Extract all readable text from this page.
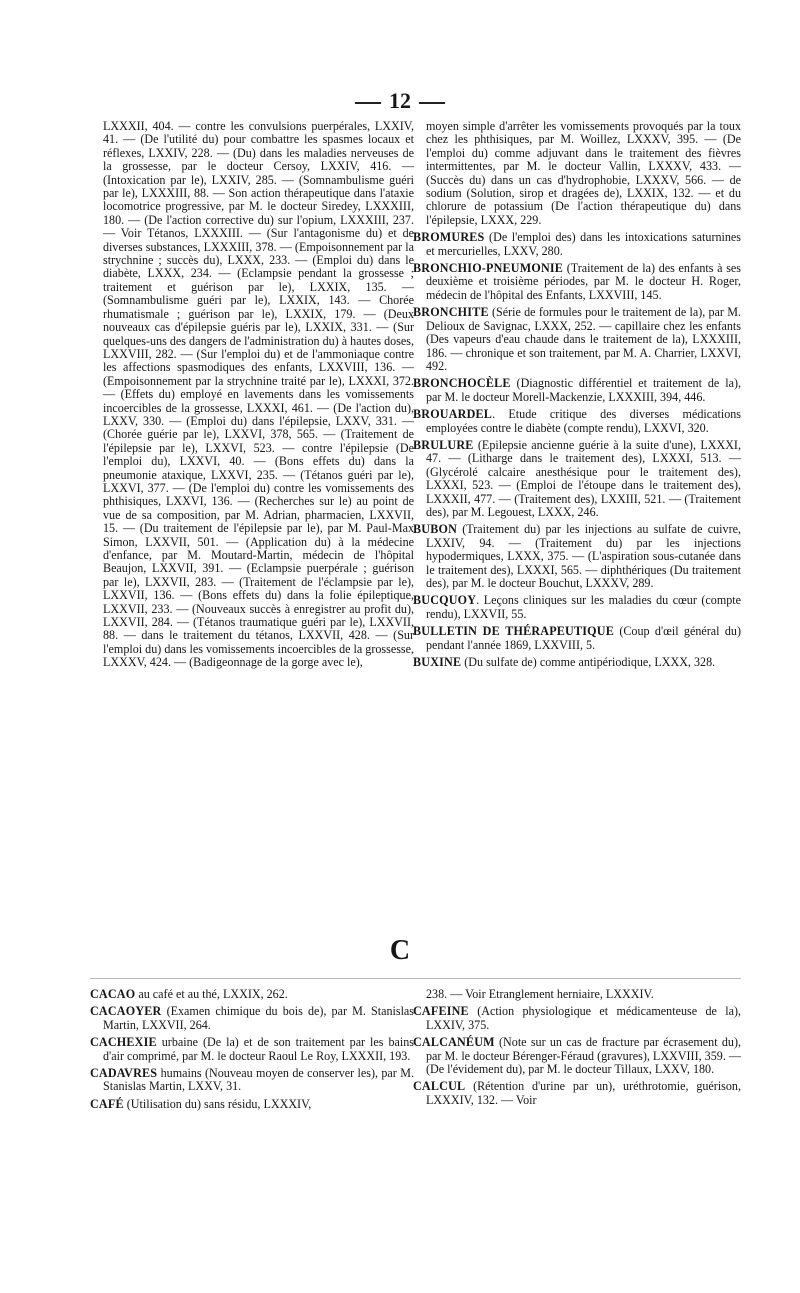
12

LXXXII, 404. — contre les convulsions puerpérales, LXXIV, 41. — (De l'utilité du) pour combattre les spasmes locaux et réflexes, LXXIV, 228. — (Du) dans les maladies nerveuses de la grossesse, par le docteur Cersoy, LXXIV, 416. — (Intoxication par le), LXXIV, 285. — (Somnambulisme guéri par le), LXXXIII, 88. — Son action thérapeutique dans l'ataxie locomotrice progressive, par M. le docteur Siredey, LXXXIII, 180. — (De l'action corrective du) sur l'opium, LXXXIII, 237. — Voir Tétanos, LXXXIII. — (Sur l'antagonisme du) et de diverses substances, LXXXIII, 378. — (Empoisonnement par la strychnine ; succès du), LXXX, 233. — (Emploi du) dans le diabète, LXXX, 234. — (Eclampsie pendant la grossesse ; traitement et guérison par le), LXXIX, 135. — (Somnambulisme guéri par le), LXXIX, 143. — Chorée rhumatismale ; guérison par le), LXXIX, 179. — (Deux nouveaux cas d'épilepsie guéris par le), LXXIX, 331. — (Sur quelques-uns des dangers de l'administration du) à hautes doses, LXXVIII, 282. — (Sur l'emploi du) et de l'ammoniaque contre les affections spasmodiques des enfants, LXXVIII, 136. — (Empoisonnement par la strychnine traité par le), LXXXI, 372. — (Effets du) employé en lavements dans les vomissements incoercibles de la grossesse, LXXXI, 461. — (De l'action du), LXXV, 330. — (Emploi du) dans l'épilepsie, LXXV, 331. — (Chorée guérie par le), LXXVI, 378, 565. — (Traitement de l'épilepsie par le), LXXVI, 523. — contre l'épilepsie (De l'emploi du), LXXVI, 40. — (Bons effets du) dans la pneumonie ataxique, LXXVI, 235. — (Tétanos guéri par le), LXXVI, 377. — (De l'emploi du) contre les vomissements des phthisiques, LXXVI, 136. — (Recherches sur le) au point de vue de sa composition, par M. Adrian, pharmacien, LXXVII, 15. — (Du traitement de l'épilepsie par le), par M. Paul-Max Simon, LXXVII, 501. — (Application du) à la médecine d'enfance, par M. Moutard-Martin, médecin de l'hôpital Beaujon, LXXVII, 391. — (Eclampsie puerpérale ; guérison par le), LXXVII, 283. — (Traitement de l'éclampsie par le), LXXVII, 136. — (Bons effets du) dans la folie épileptique, LXXVII, 233. — (Nouveaux succès à enregistrer au profit du), LXXVII, 284. — (Tétanos traumatique guéri par le), LXXVII, 88. — dans le traitement du tétanos, LXXVII, 428. — (Sur l'emploi du) dans les vomissements incoercibles de la grossesse, LXXXV, 424. — (Badigeonnage de la gorge avec le),

moyen simple d'arrêter les vomissements provoqués par la toux chez les phthisiques, par M. Woillez, LXXXV, 395. — (De l'emploi du) comme adjuvant dans le traitement des fièvres intermittentes, par M. le docteur Vallin, LXXXV, 433. — (Succès du) dans un cas d'hydrophobie, LXXXV, 566. — de sodium (Solution, sirop et dragées de), LXXIX, 132. — et du chlorure de potassium (De l'action thérapeutique du) dans l'épilepsie, LXXX, 229.

BROMURES (De l'emploi des) dans les intoxications saturnines et mercurielles, LXXV, 280.

BRONCHIO-PNEUMONIE (Traitement de la) des enfants à ses deuxième et troisième périodes, par M. le docteur H. Roger, médecin de l'hôpital des Enfants, LXXVIII, 145.

BRONCHITE (Série de formules pour le traitement de la), par M. Delioux de Savignac, LXXX, 252. — capillaire chez les enfants (Des vapeurs d'eau chaude dans le traitement de la), LXXXIII, 186. — chronique et son traitement, par M. A. Charrier, LXXVI, 492.

BRONCHOCÈLE (Diagnostic différentiel et traitement de la), par M. le docteur Morell-Mackenzie, LXXXIII, 394, 446.

BROUARDEL. Etude critique des diverses médications employées contre le diabète (compte rendu), LXXVI, 320.

BRULURE (Epilepsie ancienne guérie à la suite d'une), LXXXI, 47. — (Litharge dans le traitement des), LXXXI, 513. — (Glycérolé calcaire anesthésique pour le traitement des), LXXXI, 523. — (Emploi de l'étoupe dans le traitement des), LXXXII, 477. — (Traitement des), LXXIII, 521. — (Traitement des), par M. Legouest, LXXX, 246.

BUBON (Traitement du) par les injections au sulfate de cuivre, LXXIV, 94. — (Traitement du) par les injections hypodermiques, LXXX, 375. — (L'aspiration sous-cutanée dans le traitement des), LXXXI, 565. — diphthériques (Du traitement des), par M. le docteur Bouchut, LXXXV, 289.

BUCQUOY. Leçons cliniques sur les maladies du cœur (compte rendu), LXXVII, 55.

BULLETIN DE THÉRAPEUTIQUE (Coup d'œil général du) pendant l'année 1869, LXXVIII, 5.

BUXINE (Du sulfate de) comme antipériodique, LXXX, 328.

C

CACAO au café et au thé, LXXIX, 262.

CACAOYER (Examen chimique du bois de), par M. Stanislas Martin, LXXVII, 264.

CACHEXIE urbaine (De la) et de son traitement par les bains d'air comprimé, par M. le docteur Raoul Le Roy, LXXXII, 193.

CADAVRES humains (Nouveau moyen de conserver les), par M. Stanislas Martin, LXXV, 31.

CAFÉ (Utilisation du) sans résidu, LXXXIV,

238. — Voir Etranglement herniaire, LXXXIV.

CAFEINE (Action physiologique et médicamenteuse de la), LXXIV, 375.

CALCANÉUM (Note sur un cas de fracture par écrasement du), par M. le docteur Bérenger-Féraud (gravures), LXXVIII, 359. — (De l'évidement du), par M. le docteur Tillaux, LXXV, 180.

CALCUL (Rétention d'urine par un), uréthrotomie, guérison, LXXXIV, 132. — Voir
